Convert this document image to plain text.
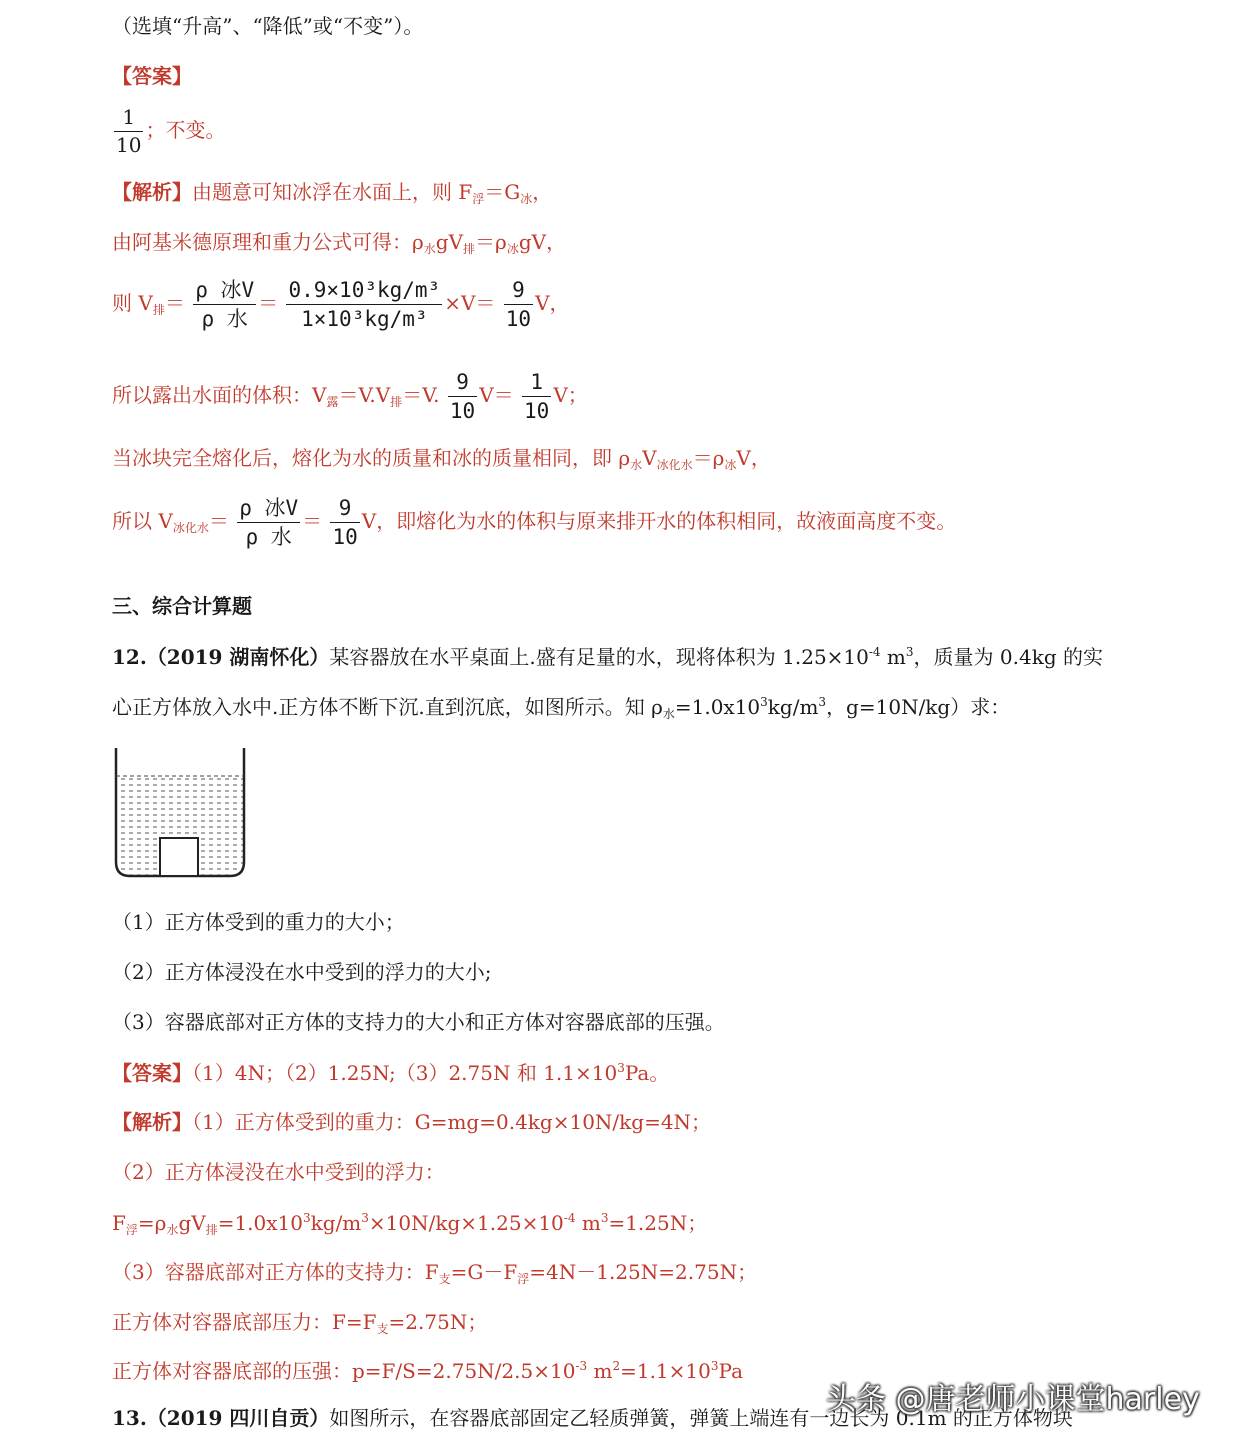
（选填“升高”、“降低”或“不变”）。
【答案】
$\frac{1}{10}$ ；不变。
【解析】由题意可知冰浮在水面上，则 $F_浮=G_冰$，
由阿基米德原理和重力公式可得：$\rho_水gV_排=\rho_冰gV$，
则 $V_排= \frac{\text{ρ 冰V}}{\text{ρ 水}} = \frac{\text{0.9×10³kg/m³}}{\text{1×10³kg/m³}} \times V= \frac{9}{10}$ V，
所以露出水面的体积：$V_露=V.V_排=V$. $\frac{9}{10} V= \frac{1}{10}$ V；
当冰块完全熔化后，熔化为水的质量和冰的质量相同，即 $\rho_水V_{冰化水}=\rho_冰V$，
所以 $V_{冰化水}= \frac{\text{ρ 冰V}}{\text{ρ 水}} = \frac{9}{10}$ V，即熔化为水的体积与原来排开水的体积相同，故液面高度不变。
三、综合计算题
12.（2019 湖南怀化）某容器放在水平桌面上.盛有足量的水，现将体积为 $1.25\times 10^{-4}$ $m^3$，质量为 0.4kg 的实
心正方体放入水中.正方体不断下沉.直到沉底，如图所示。知 $\rho_水=1.0x10^3kg/m^3$，g=10N/kg）求：
（1）正方体受到的重力的大小；
（2）正方体浸没在水中受到的浮力的大小;
（3）容器底部对正方体的支持力的大小和正方体对容器底部的压强。
【答案】（1）4N；（2）1.25N;（3）2.75N 和 $1.1\times 10^3Pa$。
【解析】（1）正方体受到的重力：G=mg=0.4kg×10N/kg=4N；
（2）正方体浸没在水中受到的浮力：
$F_浮=\rho_水gV_排=1.0x10^3kg/m^3\times 10N/kg\times 1.25\times 10^{-4}$ $m^3=1.25N$；
（3）容器底部对正方体的支持力：$F_支=G-F_浮=4N-1.25N=2.75N$；
正方体对容器底部压力：$F=F_支=2.75N$；
正方体对容器底部的压强：$p=F/S=2.75N/2.5\times 10^{-3}$ $m^2=1.1\times 10^3Pa$
13.（2019 四川自贡）如图所示，在容器底部固定乙轻质弹簧，弹簧上端连有一边长为 0.1m 的正方体物块
头条 @唐老师小课堂harley
